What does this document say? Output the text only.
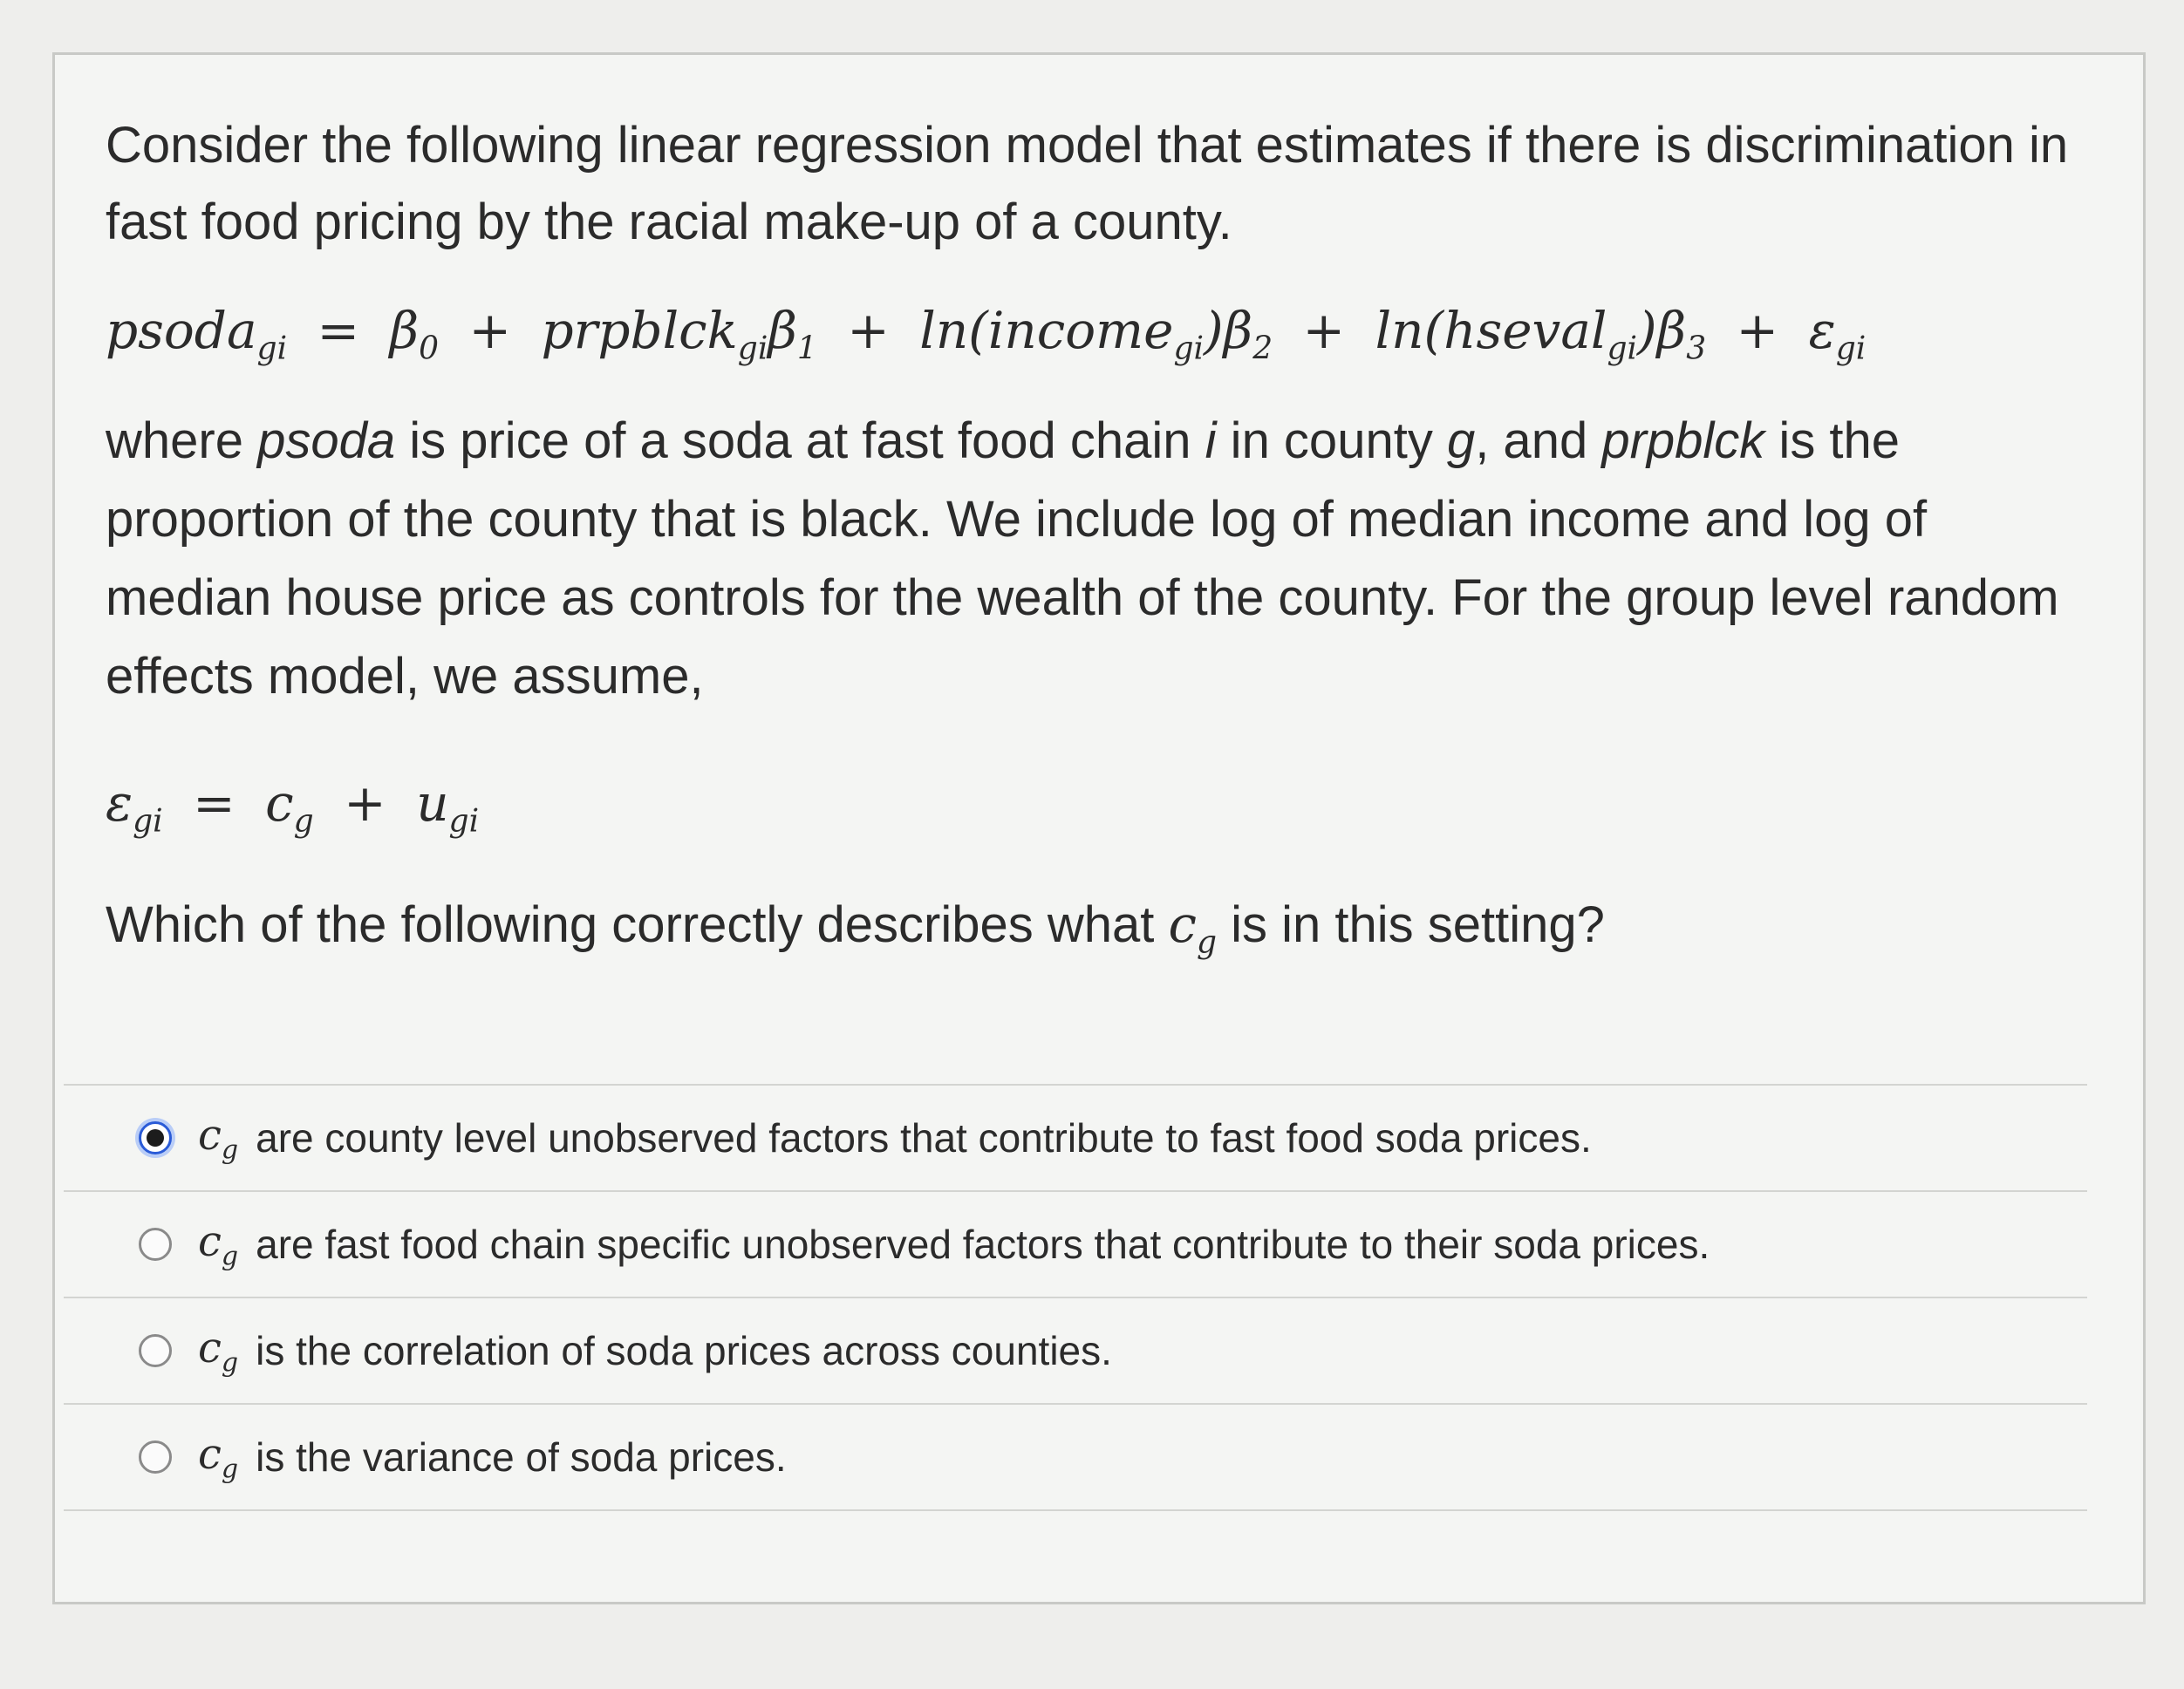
Consider the following linear regression model that estimates if there is discrimination in fast food pricing by the racial make-up of a county.

psoda$_{gi}$ = $\beta_0$ + $prpblck_{gi}\beta_1$ + $\ln(income_{gi})\beta_2$ + $\ln(hseval_{gi})\beta_3 + \varepsilon_{gi}$

where psoda is price of a soda at fast food chain i in county g, and prpblck is the proportion of the county that is black. We include log of median income and log of median house price as controls for the wealth of the county. For the group level random effects model, we assume,

$\varepsilon_{gi} = c_g + u_{gi}$

Which of the following correctly describes what $c_g$ is in this setting?

$c_g$ are county level unobserved factors that contribute to fast food soda prices.
$c_g$ are fast food chain specific unobserved factors that contribute to their soda prices.
$c_g$ is the correlation of soda prices across counties.
$c_g$ is the variance of soda prices.
